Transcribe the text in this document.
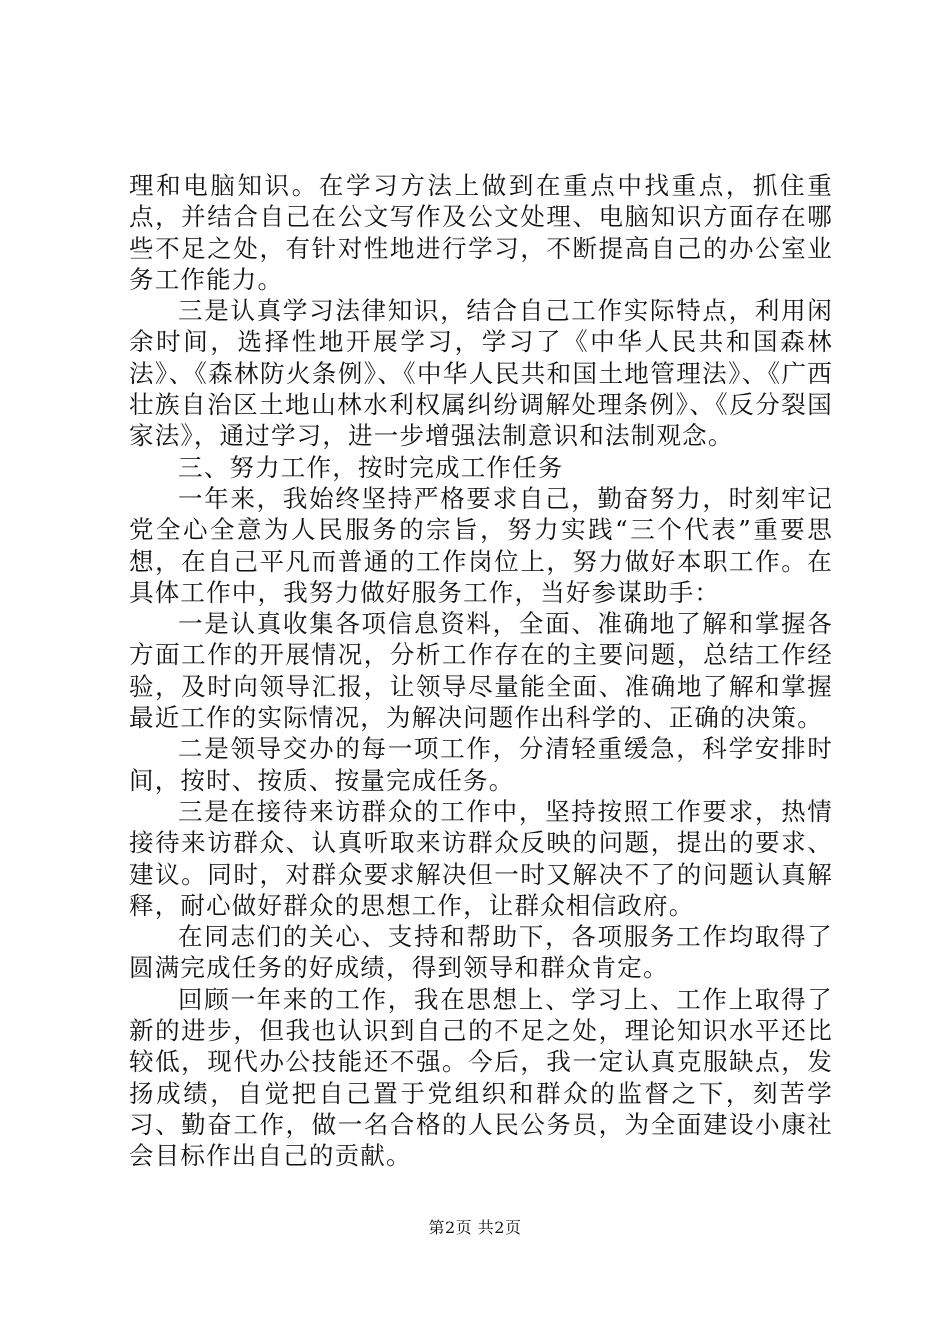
理和电脑知识。在学习方法上做到在重点中找重点，抓住重点，并结合自己在公文写作及公文处理、电脑知识方面存在哪些不足之处，有针对性地进行学习，不断提高自己的办公室业务工作能力。

三是认真学习法律知识，结合自己工作实际特点，利用闲余时间，选择性地开展学习，学习了《中华人民共和国森林法》、《森林防火条例》、《中华人民共和国土地管理法》、《广西壮族自治区土地山林水利权属纠纷调解处理条例》、《反分裂国家法》，通过学习，进一步增强法制意识和法制观念。

三、努力工作，按时完成工作任务

一年来，我始终坚持严格要求自己，勤奋努力，时刻牢记党全心全意为人民服务的宗旨，努力实践“三个代表”重要思想，在自己平凡而普通的工作岗位上，努力做好本职工作。在具体工作中，我努力做好服务工作，当好参谋助手：

一是认真收集各项信息资料，全面、准确地了解和掌握各方面工作的开展情况，分析工作存在的主要问题，总结工作经验，及时向领导汇报，让领导尽量能全面、准确地了解和掌握最近工作的实际情况，为解决问题作出科学的、正确的决策。

二是领导交办的每一项工作，分清轻重缓急，科学安排时间，按时、按质、按量完成任务。

三是在接待来访群众的工作中，坚持按照工作要求，热情接待来访群众、认真听取来访群众反映的问题，提出的要求、建议。同时，对群众要求解决但一时又解决不了的问题认真解释，耐心做好群众的思想工作，让群众相信政府。

在同志们的关心、支持和帮助下，各项服务工作均取得了圆满完成任务的好成绩，得到领导和群众肯定。

回顾一年来的工作，我在思想上、学习上、工作上取得了新的进步，但我也认识到自己的不足之处，理论知识水平还比较低，现代办公技能还不强。今后，我一定认真克服缺点，发扬成绩，自觉把自己置于党组织和群众的监督之下，刻苦学习、勤奋工作，做一名合格的人民公务员，为全面建设小康社会目标作出自己的贡献。

第2页 共2页
